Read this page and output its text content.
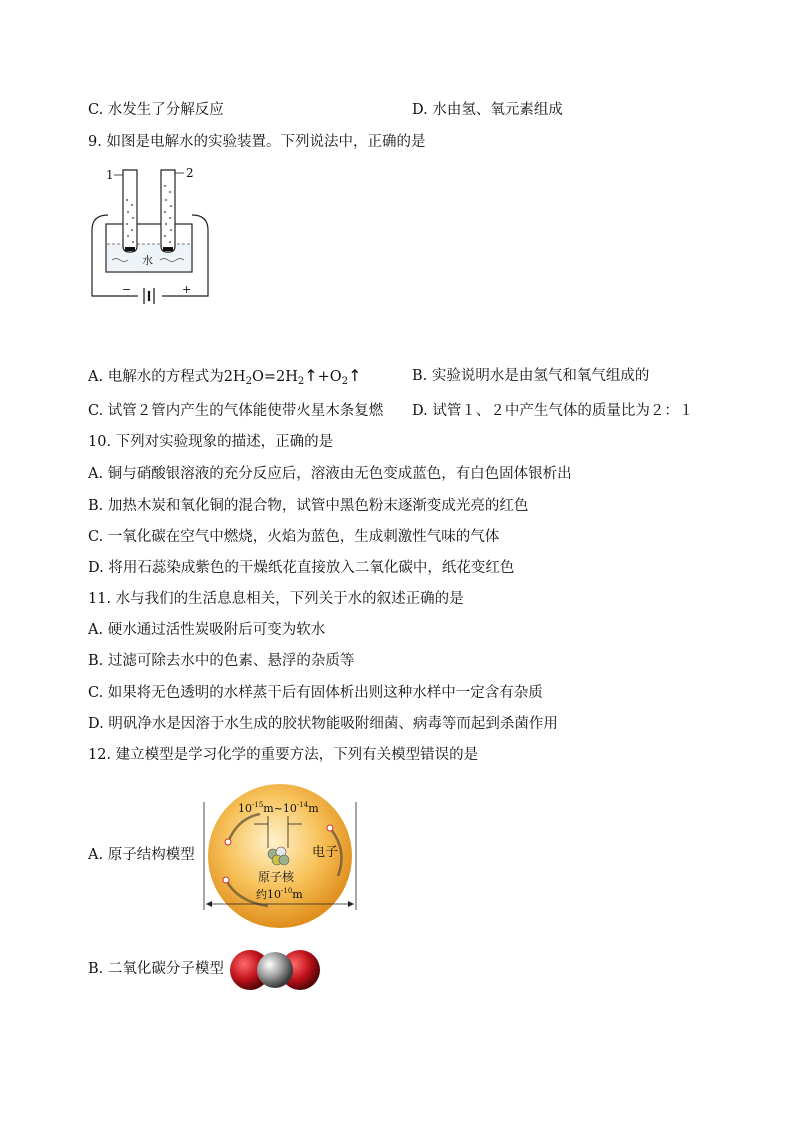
C. 水发生了分解反应	D. 水由氢、氧元素组成
9. 如图是电解水的实验装置。下列说法中，正确的是
水
1	2
−	+
A. 电解水的方程式为$2H_2O=2H_2↑+O_2↑$	B. 实验说明水是由氢气和氧气组成的
C. 试管２管内产生的气体能使带火星木条复燃 D. 试管１、２中产生气体的质量比为２：１
10. 下列对实验现象的描述，正确的是
A. 铜与硝酸银溶液的充分反应后，溶液由无色变成蓝色，有白色固体银析出
B. 加热木炭和氧化铜的混合物，试管中黑色粉末逐渐变成光亮的红色
C. 一氧化碳在空气中燃烧，火焰为蓝色，生成刺激性气味的气体
D. 将用石蕊染成紫色的干燥纸花直接放入二氧化碳中，纸花变红色
11. 水与我们的生活息息相关，下列关于水的叙述正确的是
A. 硬水通过活性炭吸附后可变为软水
B. 过滤可除去水中的色素、悬浮的杂质等
C. 如果将无色透明的水样蒸干后有固体析出则这种水样中一定含有杂质
D. 明矾净水是因溶于水生成的胶状物能吸附细菌、病毒等而起到杀菌作用
12. 建立模型是学习化学的重要方法，下列有关模型错误的是
A. 原子结构模型
$10^{-15}m\sim 10^{-14}m$
电子
原子核
约$10^{-10}m$
B. 二氧化碳分子模型
